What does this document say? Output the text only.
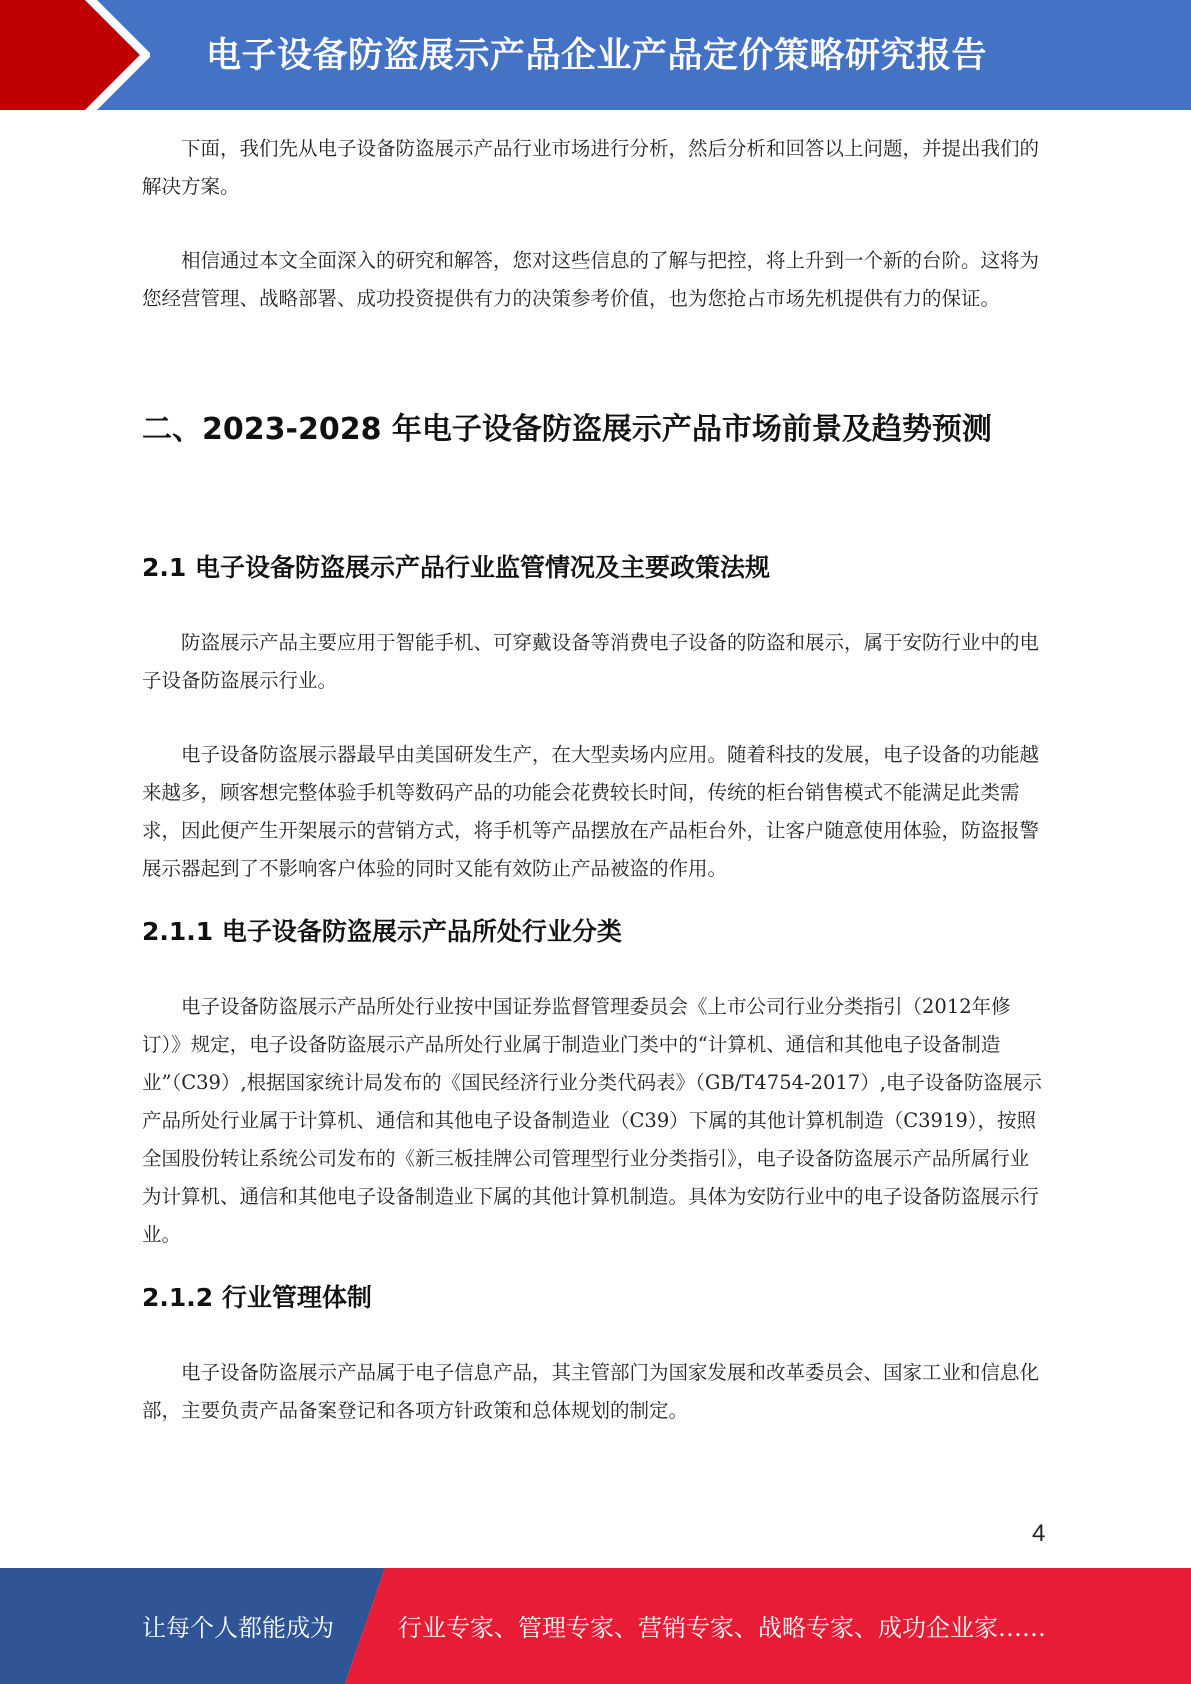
电子设备防盗展示产品企业产品定价策略研究报告

下面，我们先从电子设备防盗展示产品行业市场进行分析，然后分析和回答以上问题，并提出我们的解决方案。

相信通过本文全面深入的研究和解答，您对这些信息的了解与把控，将上升到一个新的台阶。这将为您经营管理、战略部署、成功投资提供有力的决策参考价值，也为您抢占市场先机提供有力的保证。

二、2023-2028 年电子设备防盗展示产品市场前景及趋势预测
2.1 电子设备防盗展示产品行业监管情况及主要政策法规

防盗展示产品主要应用于智能手机、可穿戴设备等消费电子设备的防盗和展示，属于安防行业中的电子设备防盗展示行业。

电子设备防盗展示器最早由美国研发生产，在大型卖场内应用。随着科技的发展，电子设备的功能越来越多，顾客想完整体验手机等数码产品的功能会花费较长时间，传统的柜台销售模式不能满足此类需求，因此便产生开架展示的营销方式，将手机等产品摆放在产品柜台外，让客户随意使用体验，防盗报警展示器起到了不影响客户体验的同时又能有效防止产品被盗的作用。

2.1.1 电子设备防盗展示产品所处行业分类

电子设备防盗展示产品所处行业按中国证券监督管理委员会《上市公司行业分类指引（2012年修订）》规定，电子设备防盗展示产品所处行业属于制造业门类中的“计算机、通信和其他电子设备制造业”（C39）,根据国家统计局发布的《国民经济行业分类代码表》（GB/T4754-2017）,电子设备防盗展示产品所处行业属于计算机、通信和其他电子设备制造业（C39）下属的其他计算机制造（C3919），按照全国股份转让系统公司发布的《新三板挂牌公司管理型行业分类指引》，电子设备防盗展示产品所属行业为计算机、通信和其他电子设备制造业下属的其他计算机制造。具体为安防行业中的电子设备防盗展示行业。

2.1.2 行业管理体制

电子设备防盗展示产品属于电子信息产品，其主管部门为国家发展和改革委员会、国家工业和信息化部，主要负责产品备案登记和各项方针政策和总体规划的制定。

4
让每个人都能成为	行业专家、管理专家、营销专家、战略专家、成功企业家……
